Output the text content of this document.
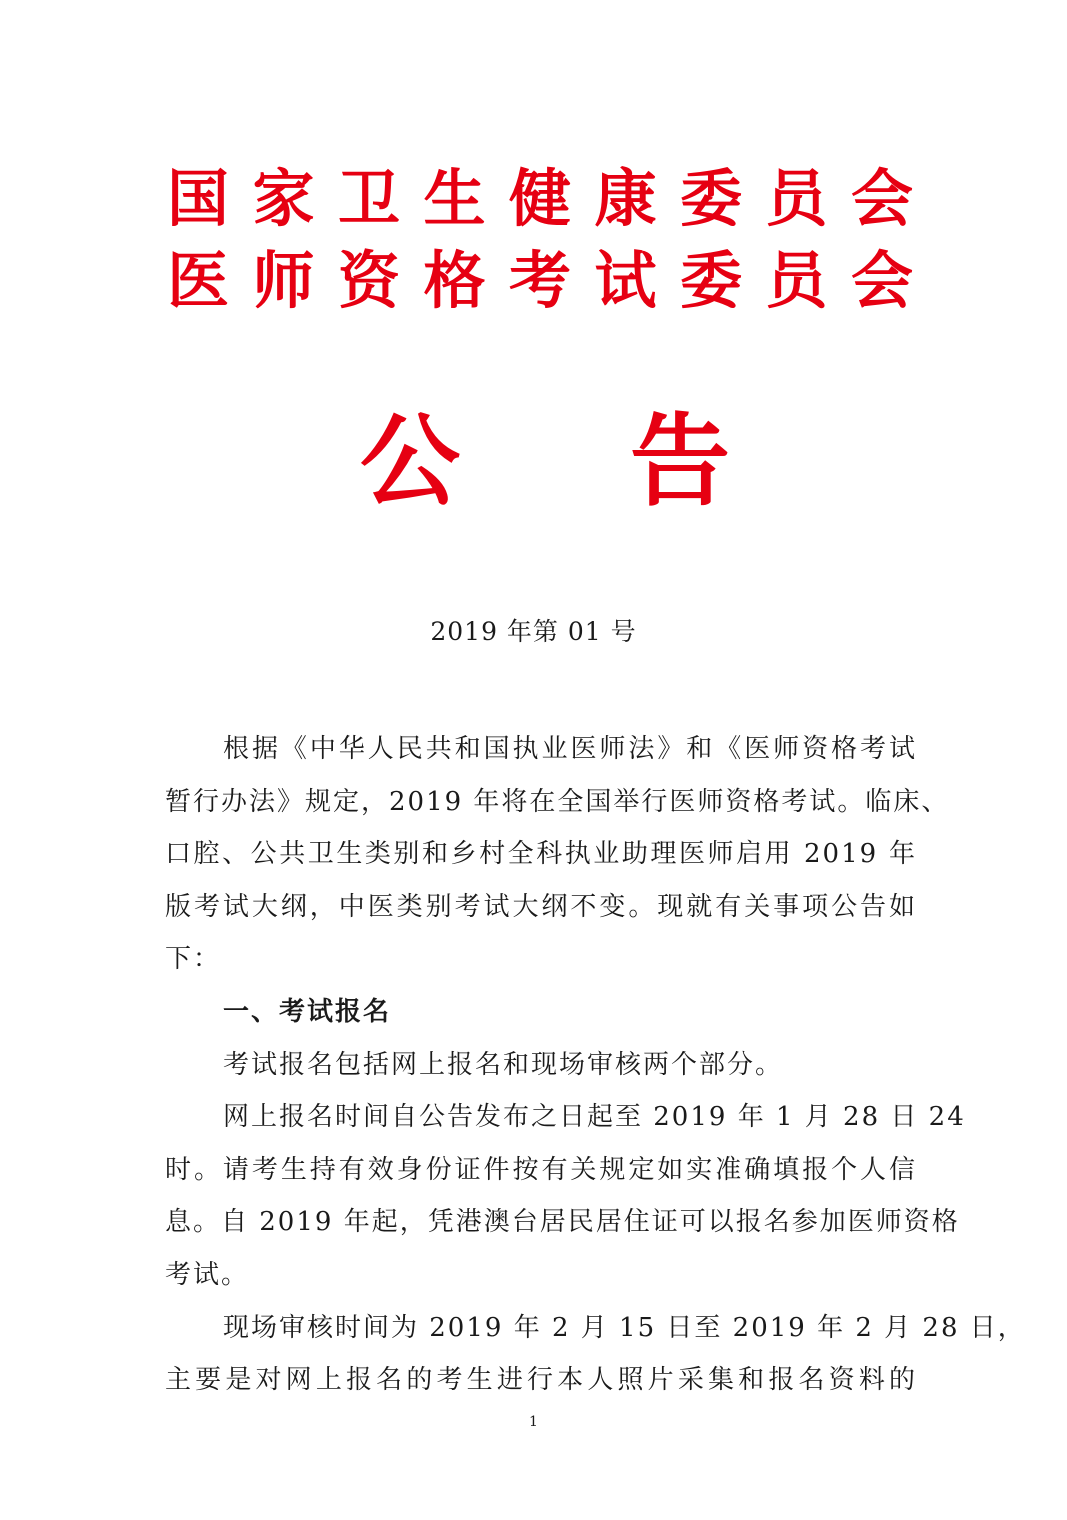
国 家 卫 生 健 康 委 员 会
医 师 资 格 考 试 委 员 会
公 告
2019 年第 01 号
根据《中华人民共和国执业医师法》和《医师资格考试
暂行办法》规定，2019 年将在全国举行医师资格考试。临床、
口腔、公共卫生类别和乡村全科执业助理医师启用 2019 年
版考试大纲，中医类别考试大纲不变。现就有关事项公告如
下：
一、考试报名
考试报名包括网上报名和现场审核两个部分。
网上报名时间自公告发布之日起至 2019 年 1 月 28 日 24
时。请考生持有效身份证件按有关规定如实准确填报个人信
息。自 2019 年起，凭港澳台居民居住证可以报名参加医师资格
考试。
现场审核时间为 2019 年 2 月 15 日至 2019 年 2 月 28 日，
主要是对网上报名的考生进行本人照片采集和报名资料的
1
